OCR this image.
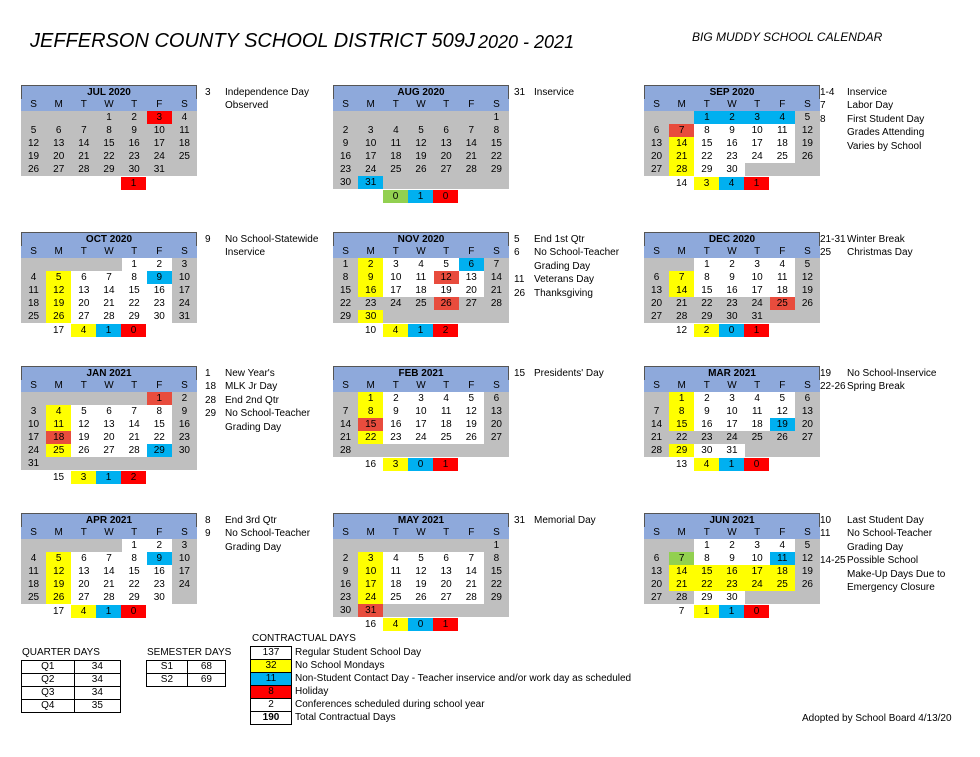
JEFFERSON COUNTY SCHOOL DISTRICT 509J 2020 - 2021	BIG MUDDY SCHOOL CALENDAR
JUL 2020
S	M	T	W	T	F	S
			1	2	3	4
5	6	7	8	9	10	11
12	13	14	15	16	17	18
19	20	21	22	23	24	25
26	27	28	29	30	31	
1
AUG 2020
S	M	T	W	T	F	S
						1
2	3	4	5	6	7	8
9	10	11	12	13	14	15
16	17	18	19	20	21	22
23	24	25	26	27	28	29
30	31					
0	1	0
SEP 2020
S	M	T	W	T	F	S
		1	2	3	4	5
6	7	8	9	10	11	12
13	14	15	16	17	18	19
20	21	22	23	24	25	26
27	28	29	30			
14	3	4	1
OCT 2020
S	M	T	W	T	F	S
				1	2	3
4	5	6	7	8	9	10
11	12	13	14	15	16	17
18	19	20	21	22	23	24
25	26	27	28	29	30	31
17	4	1	0
NOV 2020
S	M	T	W	T	F	S
1	2	3	4	5	6	7
8	9	10	11	12	13	14
15	16	17	18	19	20	21
22	23	24	25	26	27	28
29	30					
10	4	1	2
DEC 2020
S	M	T	W	T	F	S
		1	2	3	4	5
6	7	8	9	10	11	12
13	14	15	16	17	18	19
20	21	22	23	24	25	26
27	28	29	30	31		
12	2	0	1
JAN 2021
S	M	T	W	T	F	S
					1	2
3	4	5	6	7	8	9
10	11	12	13	14	15	16
17	18	19	20	21	22	23
24	25	26	27	28	29	30
31						
15	3	1	2
FEB 2021
S	M	T	W	T	F	S
	1	2	3	4	5	6
7	8	9	10	11	12	13
14	15	16	17	18	19	20
21	22	23	24	25	26	27
28						
16	3	0	1
MAR 2021
S	M	T	W	T	F	S
	1	2	3	4	5	6
7	8	9	10	11	12	13
14	15	16	17	18	19	20
21	22	23	24	25	26	27
28	29	30	31			
13	4	1	0
APR 2021
S	M	T	W	T	F	S
				1	2	3
4	5	6	7	8	9	10
11	12	13	14	15	16	17
18	19	20	21	22	23	24
25	26	27	28	29	30	
17	4	1	0
MAY 2021
S	M	T	W	T	F	S
						1
2	3	4	5	6	7	8
9	10	11	12	13	14	15
16	17	18	19	20	21	22
23	24	25	26	27	28	29
30	31					
16	4	0	1
JUN 2021
S	M	T	W	T	F	S
		1	2	3	4	5
6	7	8	9	10	11	12
13	14	15	16	17	18	19
20	21	22	23	24	25	26
27	28	29	30			
7	1	1	0
3	Independence Day
Observed
31 Inservice	1-4	Inservice
7	Labor Day
8	First Student Day
Grades Attending
Varies by School
9	No School-Statewide
Inservice
5	End 1st Qtr
6	No School-Teacher
Grading Day
11 Veterans Day
26 Thanksgiving
21-31 Winter Break
25	Christmas Day
1	New Year's
18 MLK Jr Day
28 End 2nd Qtr
29 No School-Teacher
Grading Day
15 Presidents' Day	19	No School-Inservice
22-26 Spring Break
8	End 3rd Qtr
9	No School-Teacher
Grading Day
31 Memorial Day	10	Last Student Day
11	No School-Teacher
Grading Day
14-25 Possible School
Make-Up Days Due to
Emergency Closure
QUARTER DAYS
Q1	34
Q2	34
Q3	34
Q4	35
SEMESTER DAYS
S1	68
S2	69
CONTRACTUAL DAYS
137	Regular Student School Day
32	No School Mondays
11	Non-Student Contact Day - Teacher inservice and/or work day as scheduled
8	Holiday
2	Conferences scheduled during school year
190	Total Contractual Days	Adopted by School Board 4/13/20
